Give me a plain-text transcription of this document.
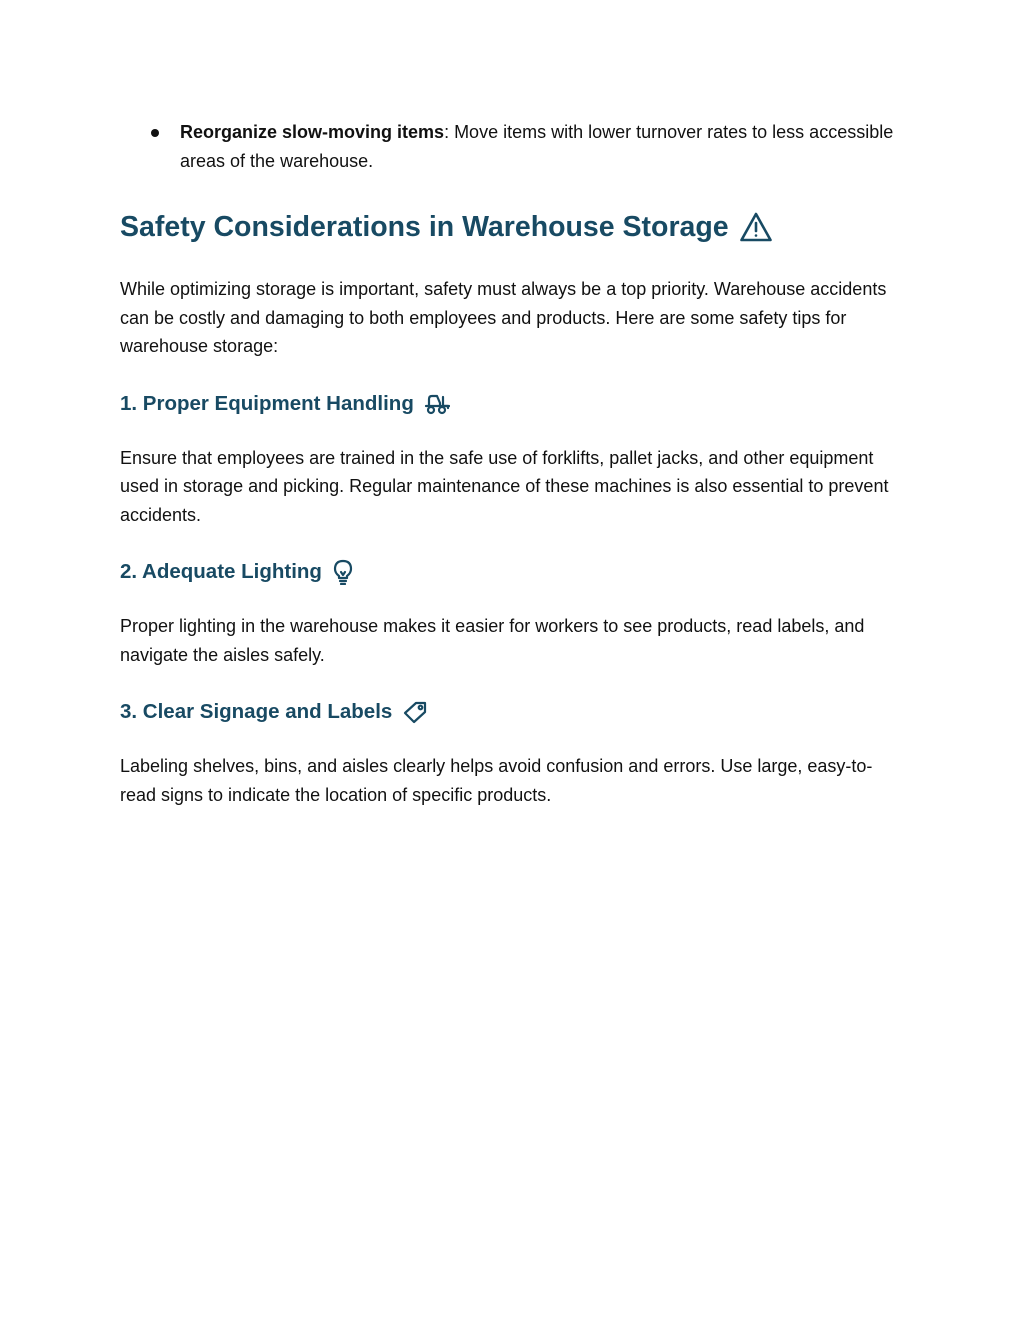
Reorganize slow-moving items: Move items with lower turnover rates to less accessible areas of the warehouse.
Safety Considerations in Warehouse Storage

While optimizing storage is important, safety must always be a top priority. Warehouse accidents can be costly and damaging to both employees and products. Here are some safety tips for warehouse storage:

1. Proper Equipment Handling

Ensure that employees are trained in the safe use of forklifts, pallet jacks, and other equipment used in storage and picking. Regular maintenance of these machines is also essential to prevent accidents.

2. Adequate Lighting

Proper lighting in the warehouse makes it easier for workers to see products, read labels, and navigate the aisles safely.

3. Clear Signage and Labels

Labeling shelves, bins, and aisles clearly helps avoid confusion and errors. Use large, easy-to-read signs to indicate the location of specific products.
